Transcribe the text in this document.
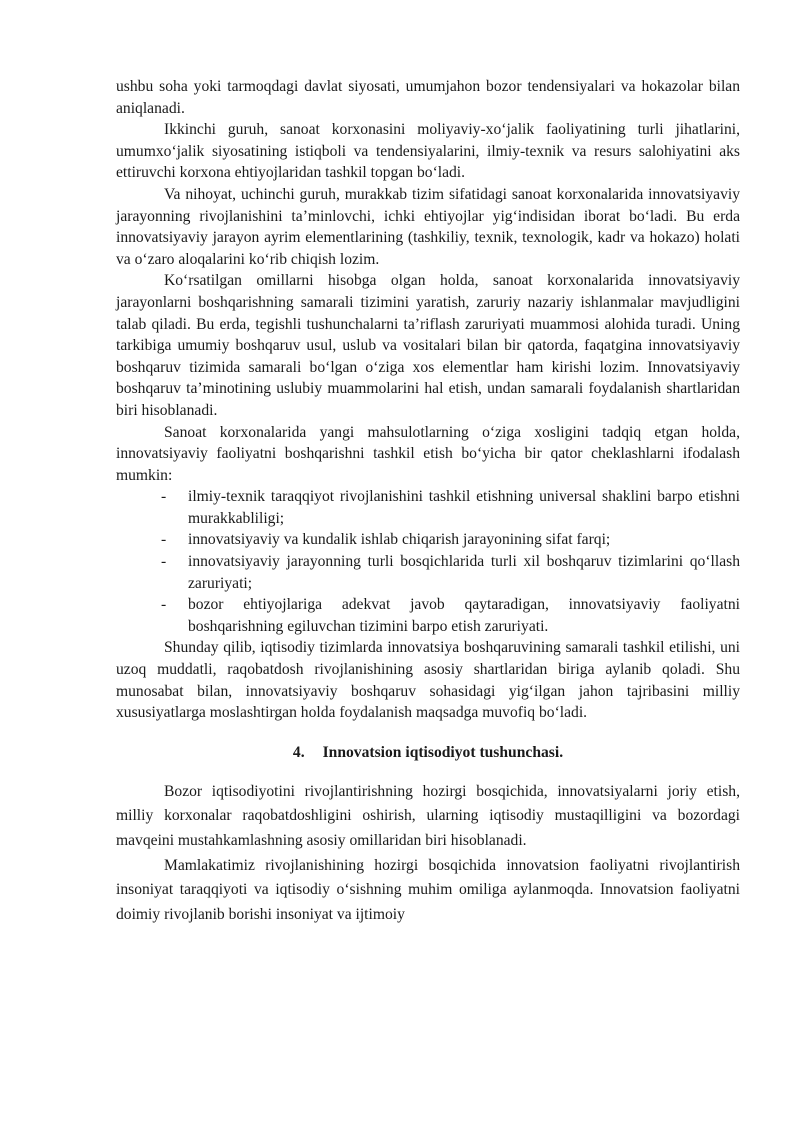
ushbu soha yoki tarmoqdagi davlat siyosati, umumjahon bozor tendensiyalari va hokazolar bilan aniqlanadi.

Ikkinchi guruh, sanoat korxonasini moliyaviy-xo‘jalik faoliyatining turli jihatlarini, umumxo‘jalik siyosatining istiqboli va tendensiyalarini, ilmiy-texnik va resurs salohiyatini aks ettiruvchi korxona ehtiyojlaridan tashkil topgan bo‘ladi.

Va nihoyat, uchinchi guruh, murakkab tizim sifatidagi sanoat korxonalarida innovatsiyaviy jarayonning rivojlanishini ta’minlovchi, ichki ehtiyojlar yig‘indisidan iborat bo‘ladi. Bu erda innovatsiyaviy jarayon ayrim elementlarining (tashkiliy, texnik, texnologik, kadr va hokazo) holati va o‘zaro aloqalarini ko‘rib chiqish lozim.

Ko‘rsatilgan omillarni hisobga olgan holda, sanoat korxonalarida innovatsiyaviy jarayonlarni boshqarishning samarali tizimini yaratish, zaruriy nazariy ishlanmalar mavjudligini talab qiladi. Bu erda, tegishli tushunchalarni ta’riflash zaruriyati muammosi alohida turadi. Uning tarkibiga umumiy boshqaruv usul, uslub va vositalari bilan bir qatorda, faqatgina innovatsiyaviy boshqaruv tizimida samarali bo‘lgan o‘ziga xos elementlar ham kirishi lozim. Innovatsiyaviy boshqaruv ta’minotining uslubiy muammolarini hal etish, undan samarali foydalanish shartlaridan biri hisoblanadi.

Sanoat korxonalarida yangi mahsulotlarning o‘ziga xosligini tadqiq etgan holda, innovatsiyaviy faoliyatni boshqarishni tashkil etish bo‘yicha bir qator cheklashlarni ifodalash mumkin:

- ilmiy-texnik taraqqiyot rivojlanishini tashkil etishning universal shaklini barpo etishni murakkabliligi;
- innovatsiyaviy va kundalik ishlab chiqarish jarayonining sifat farqi;
- innovatsiyaviy jarayonning turli bosqichlarida turli xil boshqaruv tizimlarini qo‘llash zaruriyati;
- bozor ehtiyojlariga adekvat javob qaytaradigan, innovatsiyaviy faoliyatni boshqarishning egiluvchan tizimini barpo etish zaruriyati.

Shunday qilib, iqtisodiy tizimlarda innovatsiya boshqaruvining samarali tashkil etilishi, uni uzoq muddatli, raqobatdosh rivojlanishining asosiy shartlaridan biriga aylanib qoladi. Shu munosabat bilan, innovatsiyaviy boshqaruv sohasidagi yig‘ilgan jahon tajribasini milliy xususiyatlarga moslashtirgan holda foydalanish maqsadga muvofiq bo‘ladi.

4. Innovatsion iqtisodiyot tushunchasi.

Bozor iqtisodiyotini rivojlantirishning hozirgi bosqichida, innovatsiyalarni joriy etish, milliy korxonalar raqobatdoshligini oshirish, ularning iqtisodiy mustaqilligini va bozordagi mavqeini mustahkamlashning asosiy omillaridan biri hisoblanadi.

Mamlakatimiz rivojlanishining hozirgi bosqichida innovatsion faoliyatni rivojlantirish insoniyat taraqqiyoti va iqtisodiy o‘sishning muhim omiliga aylanmoqda. Innovatsion faoliyatni doimiy rivojlanib borishi insoniyat va ijtimoiy
